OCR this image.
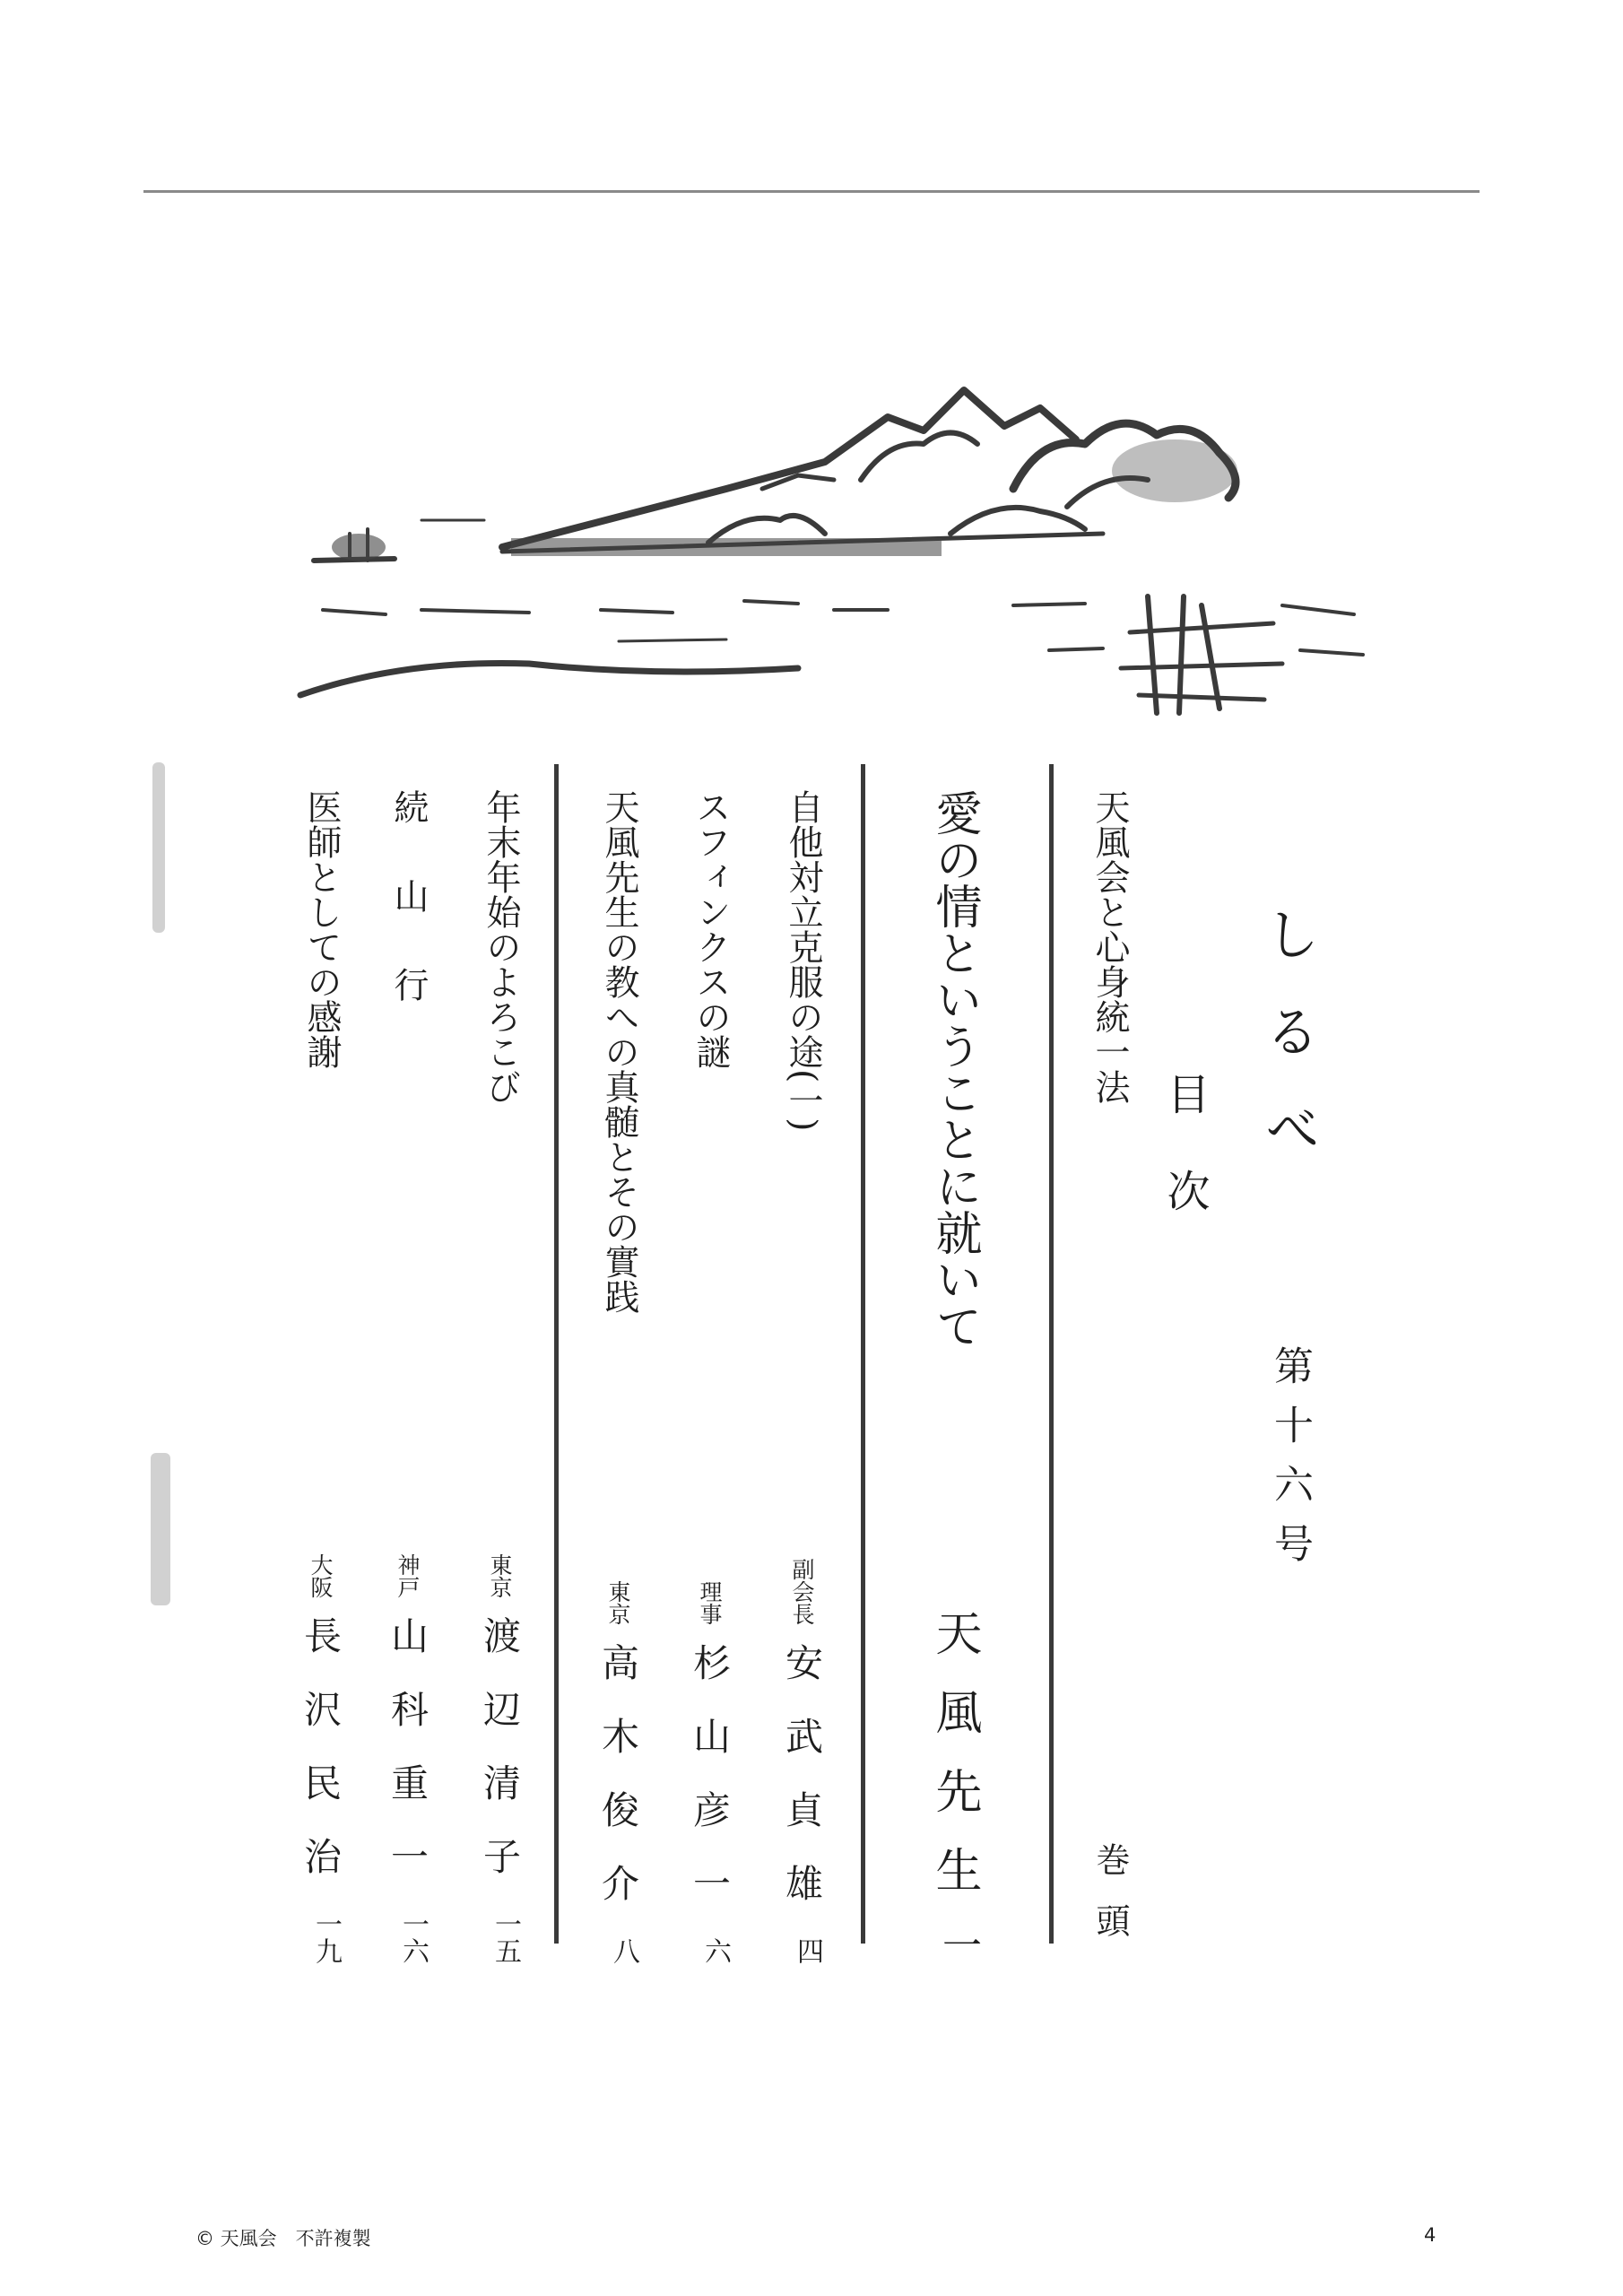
しるべ
第十六号
目次
天風会と心身統一法
巻頭
愛の情ということに就いて
天風先生
一
自他対立克服の途(一)
副会長安武貞雄
四
スフィンクスの謎
理事杉山彦一
六
天風先生の教への真髄とその實践
東京高木俊介
八
年末年始のよろこび
東京渡辺清子
一五
続山行
神戸山科重一
一六
医師としての感謝
大阪長沢民治
一九
© 天風会　不許複製	4
